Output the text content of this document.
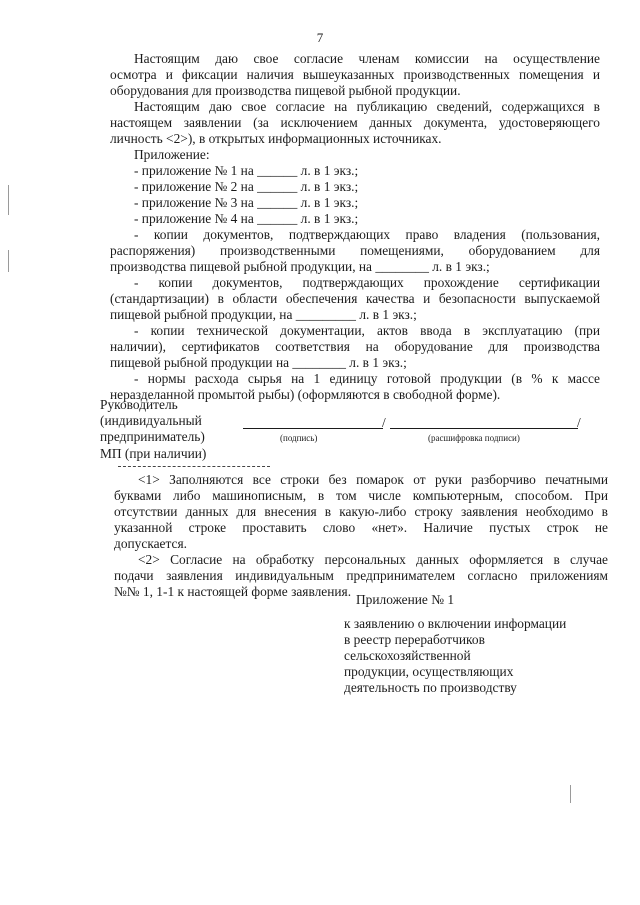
7
Настоящим даю свое согласие членам комиссии на осуществление
осмотра и фиксации наличия вышеуказанных производственных помещения и
оборудования для производства пищевой рыбной продукции.
Настоящим даю свое согласие на публикацию сведений, содержащихся в
настоящем заявлении (за исключением данных документа, удостоверяющего
личность <2>), в открытых информационных источниках.
Приложение:
- приложение № 1 на ______ л. в 1 экз.;
- приложение № 2 на ______ л. в 1 экз.;
- приложение № 3 на ______ л. в 1 экз.;
- приложение № 4 на ______ л. в 1 экз.;
- копии документов, подтверждающих право владения (пользования,
распоряжения) производственными помещениями, оборудованием для
производства пищевой рыбной продукции, на ________ л. в 1 экз.;
- копии документов, подтверждающих прохождение сертификации
(стандартизации) в области обеспечения качества и безопасности выпускаемой
пищевой рыбной продукции, на _________ л. в 1 экз.;
- копии технической документации, актов ввода в эксплуатацию (при
наличии), сертификатов соответствия на оборудование для производства
пищевой рыбной продукции на ________ л. в 1 экз.;
- нормы расхода сырья на 1 единицу готовой продукции (в % к массе
неразделанной промытой рыбы) (оформляются в свободной форме).
Руководитель
(индивидуальный
предприниматель)
/	/
(подпись)	(расшифровка подписи)
МП (при наличии)
<1> Заполняются все строки без помарок от руки разборчиво печатными
буквами либо машинописным, в том числе компьютерным, способом. При
отсутствии данных для внесения в какую-либо строку заявления необходимо в
указанной строке проставить слово «нет». Наличие пустых строк не
допускается.
<2> Согласие на обработку персональных данных оформляется в случае
подачи заявления индивидуальным предпринимателем согласно приложениям
№№ 1, 1-1 к настоящей форме заявления.
Приложение № 1
к заявлению о включении информации
в реестр переработчиков
сельскохозяйственной
продукции, осуществляющих
деятельность по производству
